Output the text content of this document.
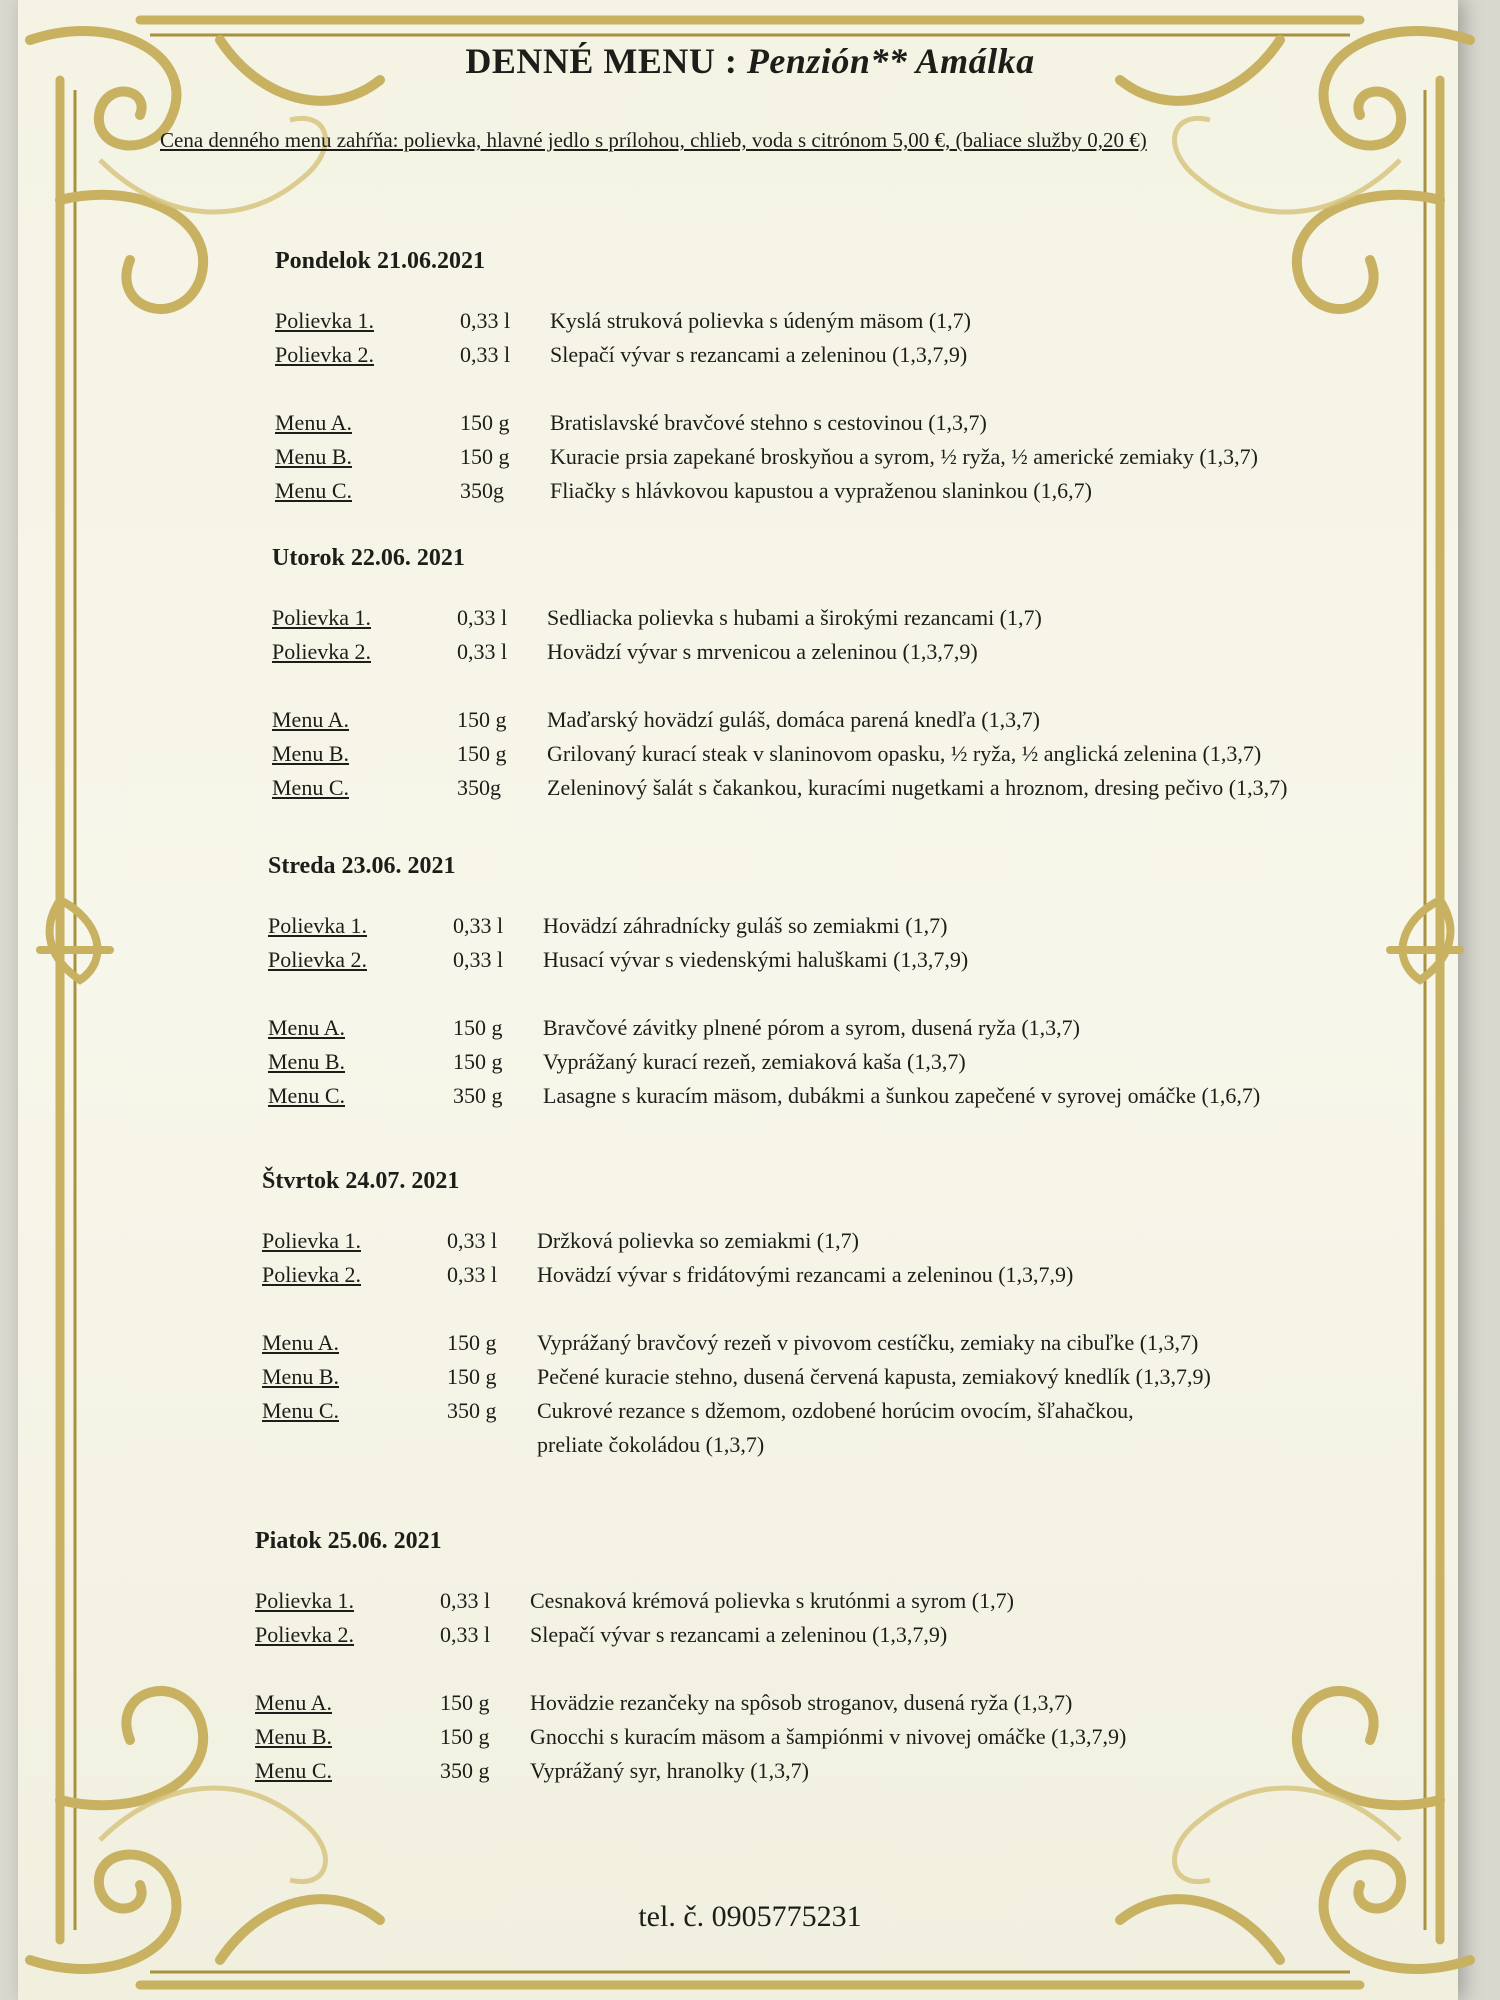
DENNÉ MENU : Penzión** Amálka
Cena denného menu zahŕňa: polievka, hlavné jedlo s prílohou, chlieb, voda s citrónom 5,00 €, (baliace služby 0,20 €)
Pondelok 21.06.2021
Polievka 1.	0,33 l Kyslá struková polievka s údeným mäsom (1,7)
Polievka 2.	0,33 l Slepačí vývar s rezancami a zeleninou (1,3,7,9)
Menu A.	150 g Bratislavské bravčové stehno s cestovinou (1,3,7)
Menu B.	150 g Kuracie prsia zapekané broskyňou a syrom, ½ ryža, ½ americké zemiaky (1,3,7)
Menu C.	350g Fliačky s hlávkovou kapustou a vypraženou slaninkou (1,6,7)
Utorok 22.06. 2021
Polievka 1.	0,33 l Sedliacka polievka s hubami a širokými rezancami (1,7)
Polievka 2.	0,33 l Hovädzí vývar s mrvenicou a zeleninou (1,3,7,9)
Menu A.	150 g Maďarský hovädzí guláš, domáca parená knedľa (1,3,7)
Menu B.	150 g Grilovaný kurací steak v slaninovom opasku, ½ ryža, ½ anglická zelenina (1,3,7)
Menu C.	350g Zeleninový šalát s čakankou, kuracími nugetkami a hroznom, dresing pečivo (1,3,7)
Streda 23.06. 2021
Polievka 1.	0,33 l Hovädzí záhradnícky guláš so zemiakmi (1,7)
Polievka 2.	0,33 l Husací vývar s viedenskými haluškami (1,3,7,9)
Menu A.	150 g Bravčové závitky plnené pórom a syrom, dusená ryža (1,3,7)
Menu B.	150 g Vyprážaný kurací rezeň, zemiaková kaša (1,3,7)
Menu C.	350 g Lasagne s kuracím mäsom, dubákmi a šunkou zapečené v syrovej omáčke (1,6,7)
Štvrtok 24.07. 2021
Polievka 1.	0,33 l Držková polievka so zemiakmi (1,7)
Polievka 2.	0,33 l Hovädzí vývar s fridátovými rezancami a zeleninou (1,3,7,9)
Menu A.	150 g Vyprážaný bravčový rezeň v pivovom cestíčku, zemiaky na cibuľke (1,3,7)
Menu B.	150 g Pečené kuracie stehno, dusená červená kapusta, zemiakový knedlík (1,3,7,9)
Menu C.	350 g Cukrové rezance s džemom, ozdobené horúcim ovocím, šľahačkou,
preliate čokoládou (1,3,7)
Piatok 25.06. 2021
Polievka 1.	0,33 l Cesnaková krémová polievka s krutónmi a syrom (1,7)
Polievka 2.	0,33 l Slepačí vývar s rezancami a zeleninou (1,3,7,9)
Menu A.	150 g Hovädzie rezančeky na spôsob stroganov, dusená ryža (1,3,7)
Menu B.	150 g Gnocchi s kuracím mäsom a šampiónmi v nivovej omáčke (1,3,7,9)
Menu C.	350 g Vyprážaný syr, hranolky (1,3,7)
tel. č. 0905775231
